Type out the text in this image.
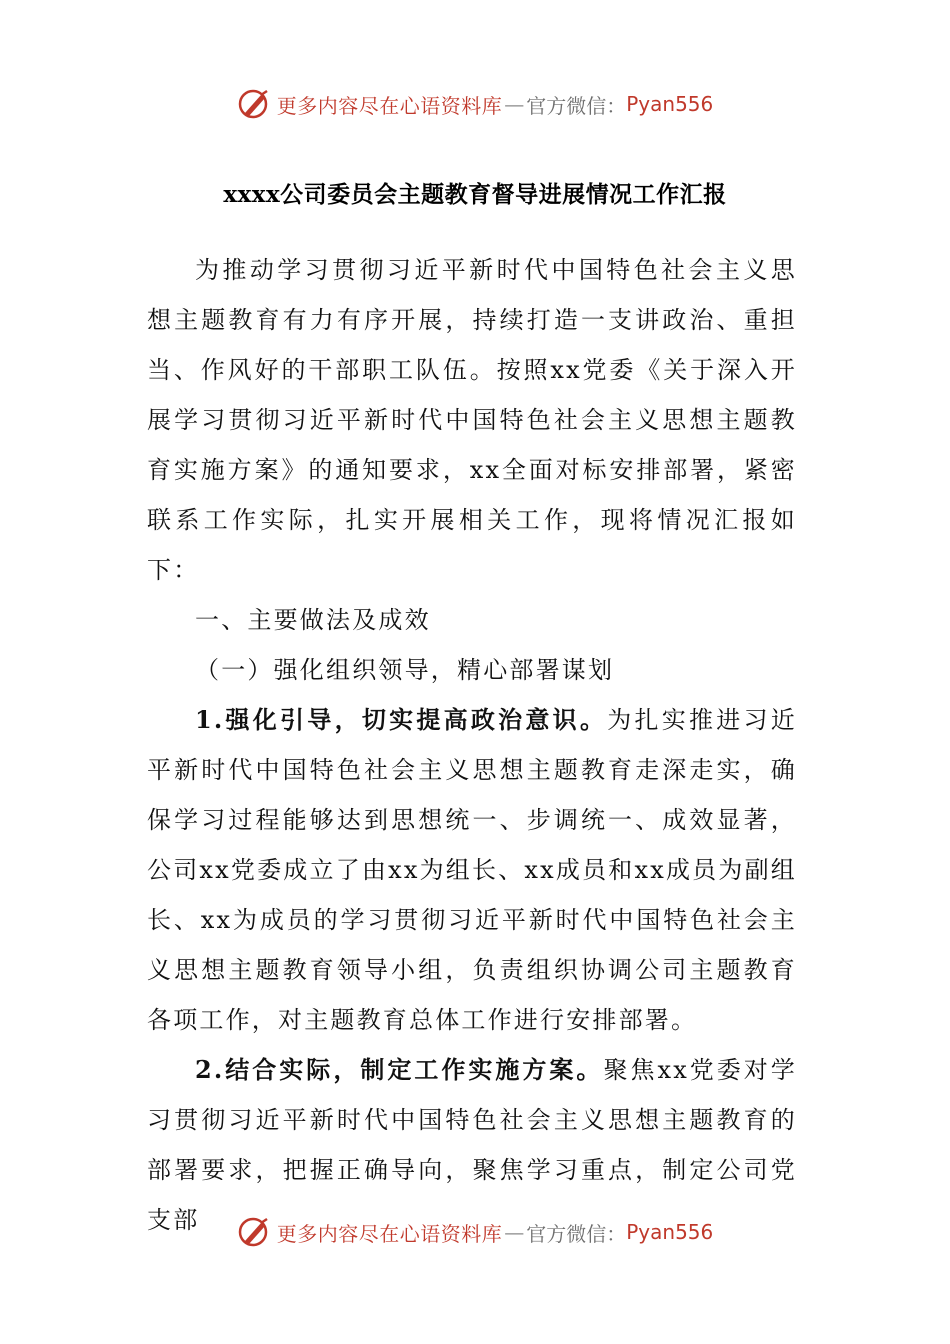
更多内容尽在心语资料库 — 官方微信： Pyan556
xxxx公司委员会主题教育督导进展情况工作汇报

为推动学习贯彻习近平新时代中国特色社会主义思想主题教育有力有序开展，持续打造一支讲政治、重担当、作风好的干部职工队伍。按照xx党委《关于深入开展学习贯彻习近平新时代中国特色社会主义思想主题教育实施方案》的通知要求，xx全面对标安排部署，紧密联系工作实际，扎实开展相关工作，现将情况汇报如下：

一、主要做法及成效

（一）强化组织领导，精心部署谋划

1.强化引导，切实提高政治意识。为扎实推进习近平新时代中国特色社会主义思想主题教育走深走实，确保学习过程能够达到思想统一、步调统一、成效显著，公司xx党委成立了由xx为组长、xx成员和xx成员为副组长、xx为成员的学习贯彻习近平新时代中国特色社会主义思想主题教育领导小组，负责组织协调公司主题教育各项工作，对主题教育总体工作进行安排部署。

2.结合实际，制定工作实施方案。聚焦xx党委对学习贯彻习近平新时代中国特色社会主义思想主题教育的部署要求，把握正确导向，聚焦学习重点，制定公司党支部	更多内容尽在心语资料库 — 官方微信： Pyan556
